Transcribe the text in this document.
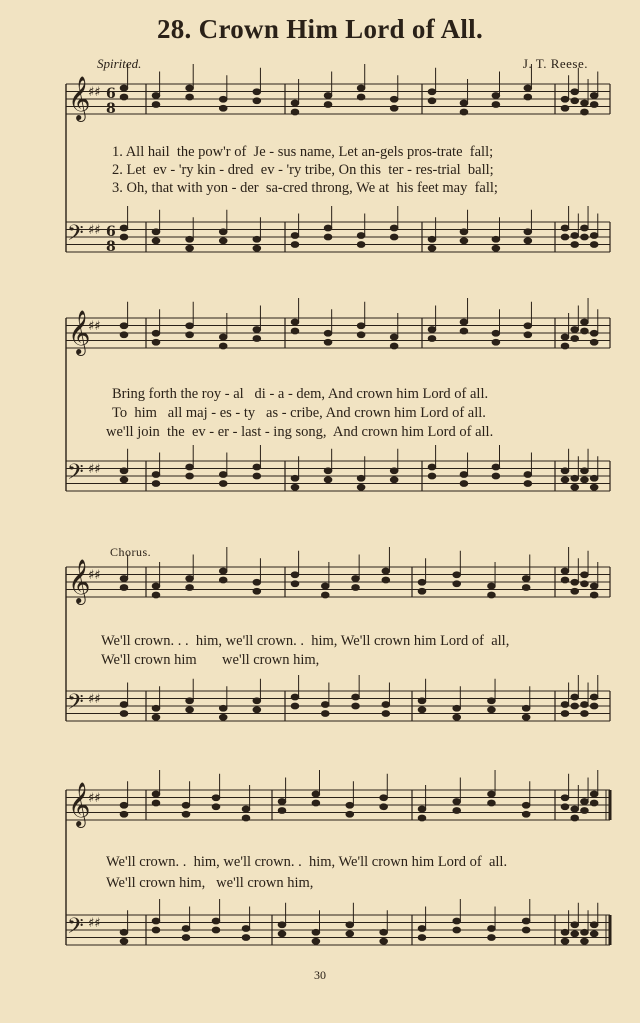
𝄞
♯♯ 6
8
𝄢 ♯♯ 6
8
𝄞
♯♯
𝄢 ♯♯
𝄞
♯♯
𝄢 ♯♯
𝄞
♯♯
𝄢 ♯♯
28. Crown Him Lord of All.
Spirited.	J. T. Reese.
1. All hail  the pow'r of  Je - sus name, Let an-gels pros-trate  fall;
2. Let  ev - 'ry kin - dred  ev - 'ry tribe, On this  ter - res-trial  ball;
3. Oh, that with yon - der  sa-cred throng, We at  his feet may  fall;
Bring forth the roy - al   di - a - dem, And crown him Lord of all.
To  him   all maj - es - ty   as - cribe, And crown him Lord of all.
we'll join  the  ev - er - last - ing song,  And crown him Lord of all.
Chorus.
We'll crown. . .  him, we'll crown. .  him, We'll crown him Lord of  all,
We'll crown him       we'll crown him,
We'll crown. .  him, we'll crown. .  him, We'll crown him Lord of  all.
We'll crown him,   we'll crown him,
30
